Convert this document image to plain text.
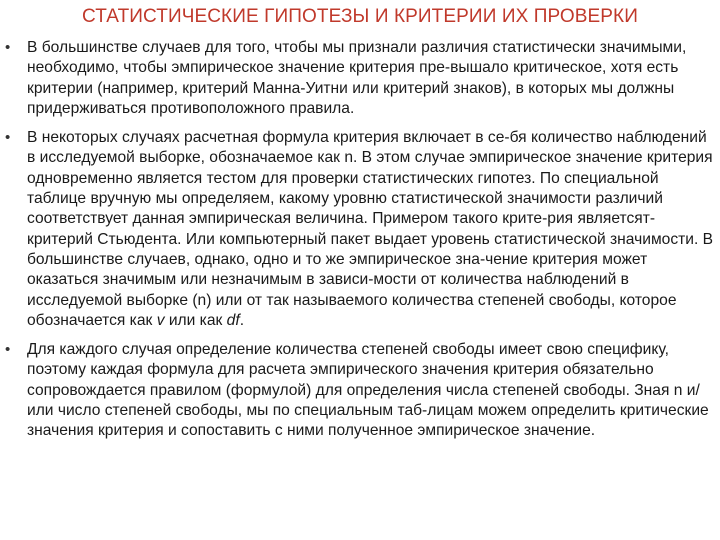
СТАТИСТИЧЕСКИЕ ГИПОТЕЗЫ И КРИТЕРИИ ИХ ПРОВЕРКИ
• В большинстве случаев для того, чтобы мы признали различия статистически значимыми, необходимо, чтобы эмпирическое значение критерия пре-вышало критическое, хотя есть критерии (например, критерий Манна-Уитни или критерий знаков), в которых мы должны придерживаться противоположного правила.
• В некоторых случаях расчетная формула критерия включает в се-бя количество наблюдений в исследуемой выборке, обозначаемое как n. В этом случае эмпирическое значение критерия одновременно является тестом для проверки статистических гипотез. По специальной таблице вручную мы определяем, какому уровню статистической значимости различий соответствует данная эмпирическая величина. Примером такого крите-рия являетсят-критерий Стьюдента. Или компьютерный пакет выдает уровень статистической значимости. В большинстве случаев, однако, одно и то же эмпирическое зна-чение критерия может оказаться значимым или незначимым в зависи-мости от количества наблюдений в исследуемой выборке (n) или от так называемого количества степеней свободы, которое обозначается как v или как df.
• Для каждого случая определение количества степеней свободы имеет свою специфику, поэтому каждая формула для расчета эмпирического значения критерия обязательно сопровождается правилом (формулой) для определения числа степеней свободы. Зная n и/или число степеней свободы, мы по специальным таб-лицам можем определить критические значения критерия и сопоставить с ними полученное эмпирическое значение.
